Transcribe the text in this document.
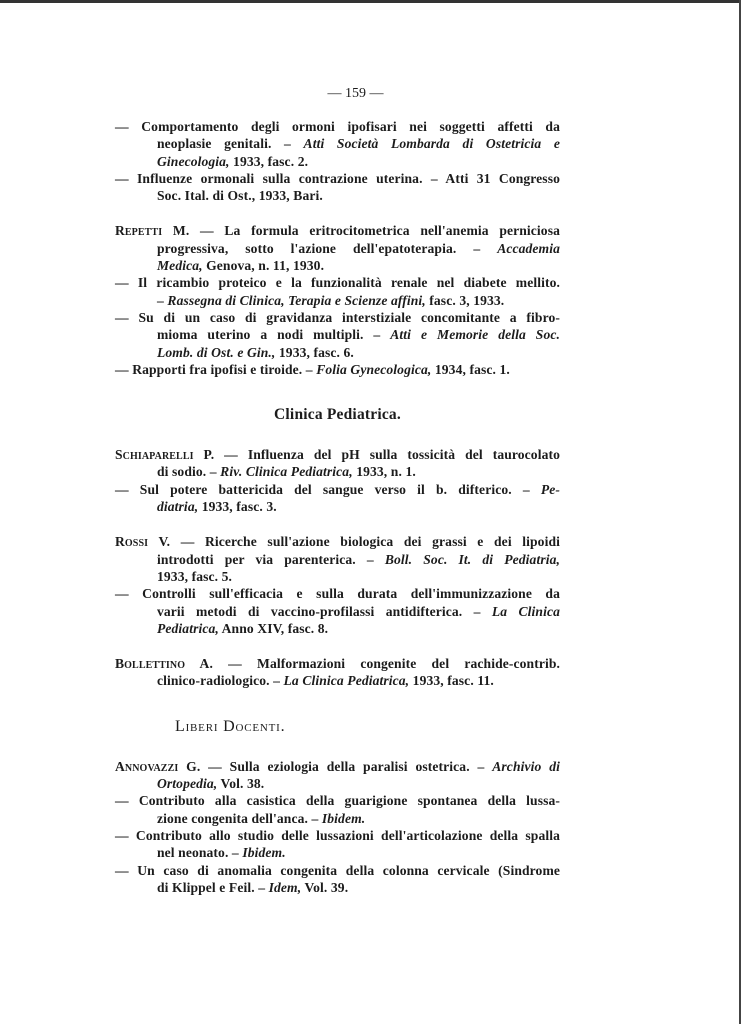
— 159 —
— Comportamento degli ormoni ipofisari nei soggetti affetti da
neoplasie genitali. – Atti Società Lombarda di Ostetricia e
Ginecologia, 1933, fasc. 2.
— Influenze ormonali sulla contrazione uterina. – Atti 31 Congresso
Soc. Ital. di Ost., 1933, Bari.
Repetti M. — La formula eritrocitometrica nell'anemia perniciosa
progressiva, sotto l'azione dell'epatoterapia. – Accademia
Medica, Genova, n. 11, 1930.
— Il ricambio proteico e la funzionalità renale nel diabete mellito.
– Rassegna di Clinica, Terapia e Scienze affini, fasc. 3, 1933.
— Su di un caso di gravidanza interstiziale concomitante a fibro-
mioma uterino a nodi multipli. – Atti e Memorie della Soc.
Lomb. di Ost. e Gin., 1933, fasc. 6.
— Rapporti fra ipofisi e tiroide. – Folia Gynecologica, 1934, fasc. 1.
Clinica Pediatrica.
Schiaparelli P. — Influenza del pH sulla tossicità del taurocolato
di sodio. – Riv. Clinica Pediatrica, 1933, n. 1.
— Sul potere battericida del sangue verso il b. difterico. – Pe-
diatria, 1933, fasc. 3.
Rossi V. — Ricerche sull'azione biologica dei grassi e dei lipoidi
introdotti per via parenterica. – Boll. Soc. It. di Pediatria,
1933, fasc. 5.
— Controlli sull'efficacia e sulla durata dell'immunizzazione da
varii metodi di vaccino-profilassi antidifterica. – La Clinica
Pediatrica, Anno XIV, fasc. 8.
Bollettino A. — Malformazioni congenite del rachide-contrib.
clinico-radiologico. – La Clinica Pediatrica, 1933, fasc. 11.
Liberi Docenti.
Annovazzi G. — Sulla eziologia della paralisi ostetrica. – Archivio di
Ortopedia, Vol. 38.
— Contributo alla casistica della guarigione spontanea della lussa-
zione congenita dell'anca. – Ibidem.
— Contributo allo studio delle lussazioni dell'articolazione della spalla
nel neonato. – Ibidem.
— Un caso di anomalia congenita della colonna cervicale (Sindrome
di Klippel e Feil. – Idem, Vol. 39.
